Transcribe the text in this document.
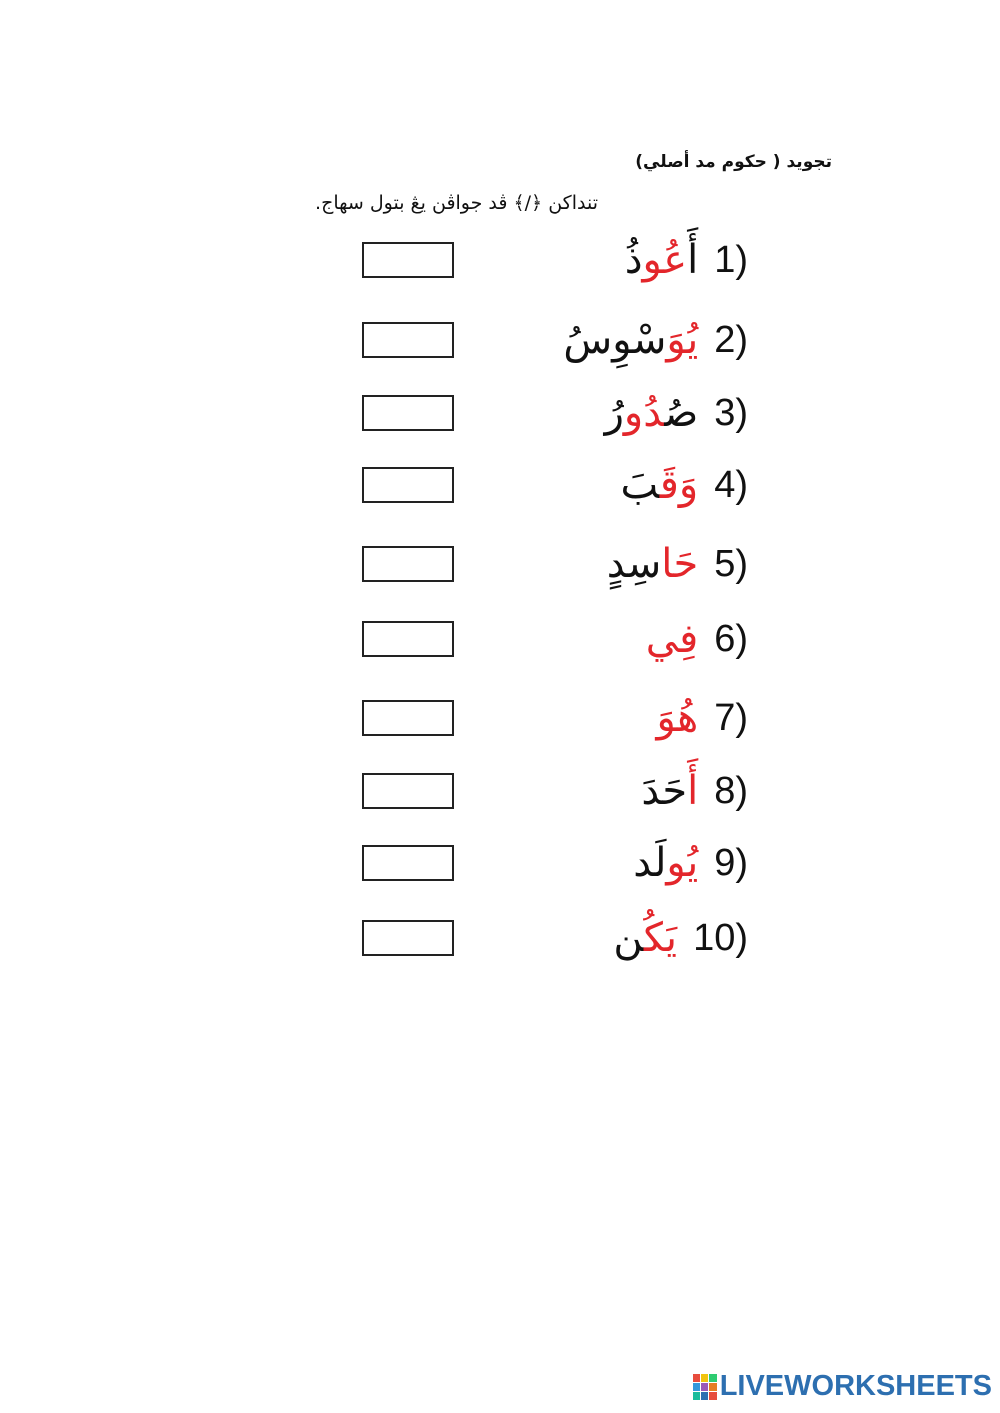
تجويد ( حكوم مد أصلي)
تنداكن ﴿/﴾ ڤد جواڤن يڠ بتول سهاج.
أَعُوذُ	1)
يُوَسْوِسُ	2)
صُدُورُ	3)
وَقَبَ	4)
حَاسِدٍ	5)
فِي 6)
هُوَ 7)
أَحَدَ 8)
يُولَد	9)
يَكُن	10)
LIVEWORKSHEETS
